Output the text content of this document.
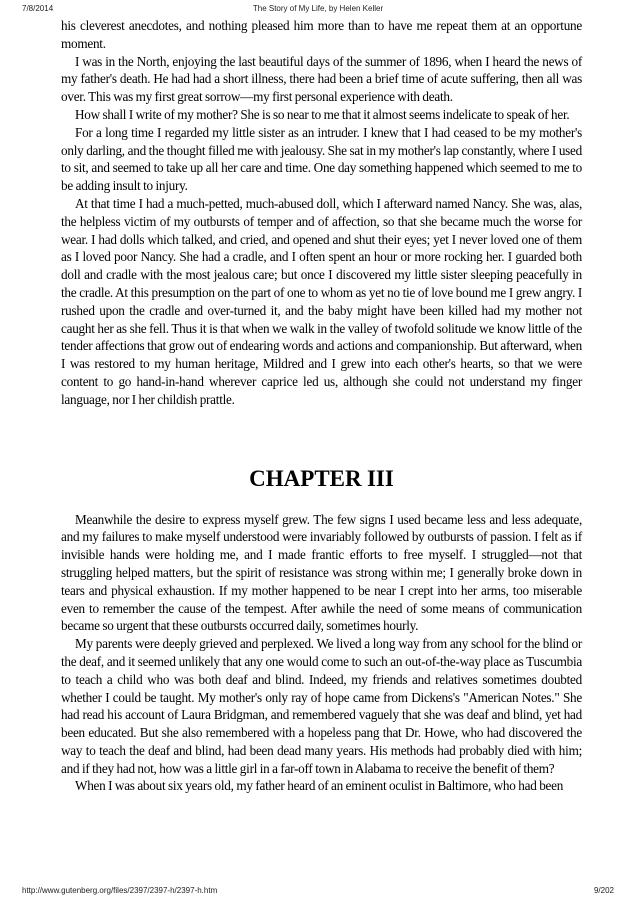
7/8/2014	The Story of My Life, by Helen Keller

his cleverest anecdotes, and nothing pleased him more than to have me repeat them at an opportune moment.

I was in the North, enjoying the last beautiful days of the summer of 1896, when I heard the news of my father's death. He had had a short illness, there had been a brief time of acute suffering, then all was over. This was my first great sorrow—my first personal experience with death.

How shall I write of my mother? She is so near to me that it almost seems indelicate to speak of her.

For a long time I regarded my little sister as an intruder. I knew that I had ceased to be my mother's only darling, and the thought filled me with jealousy. She sat in my mother's lap constantly, where I used to sit, and seemed to take up all her care and time. One day something happened which seemed to me to be adding insult to injury.

At that time I had a much-petted, much-abused doll, which I afterward named Nancy. She was, alas, the helpless victim of my outbursts of temper and of affection, so that she became much the worse for wear. I had dolls which talked, and cried, and opened and shut their eyes; yet I never loved one of them as I loved poor Nancy. She had a cradle, and I often spent an hour or more rocking her. I guarded both doll and cradle with the most jealous care; but once I discovered my little sister sleeping peacefully in the cradle. At this presumption on the part of one to whom as yet no tie of love bound me I grew angry. I rushed upon the cradle and over-turned it, and the baby might have been killed had my mother not caught her as she fell. Thus it is that when we walk in the valley of twofold solitude we know little of the tender affections that grow out of endearing words and actions and companionship. But afterward, when I was restored to my human heritage, Mildred and I grew into each other's hearts, so that we were content to go hand-in-hand wherever caprice led us, although she could not understand my finger language, nor I her childish prattle.

CHAPTER III

Meanwhile the desire to express myself grew. The few signs I used became less and less adequate, and my failures to make myself understood were invariably followed by outbursts of passion. I felt as if invisible hands were holding me, and I made frantic efforts to free myself. I struggled—not that struggling helped matters, but the spirit of resistance was strong within me; I generally broke down in tears and physical exhaustion. If my mother happened to be near I crept into her arms, too miserable even to remember the cause of the tempest. After awhile the need of some means of communication became so urgent that these outbursts occurred daily, sometimes hourly.

My parents were deeply grieved and perplexed. We lived a long way from any school for the blind or the deaf, and it seemed unlikely that any one would come to such an out-of-the-way place as Tuscumbia to teach a child who was both deaf and blind. Indeed, my friends and relatives sometimes doubted whether I could be taught. My mother's only ray of hope came from Dickens's "American Notes." She had read his account of Laura Bridgman, and remembered vaguely that she was deaf and blind, yet had been educated. But she also remembered with a hopeless pang that Dr. Howe, who had discovered the way to teach the deaf and blind, had been dead many years. His methods had probably died with him; and if they had not, how was a little girl in a far-off town in Alabama to receive the benefit of them?

When I was about six years old, my father heard of an eminent oculist in Baltimore, who had been

http://www.gutenberg.org/files/2397/2397-h/2397-h.htm	9/202
